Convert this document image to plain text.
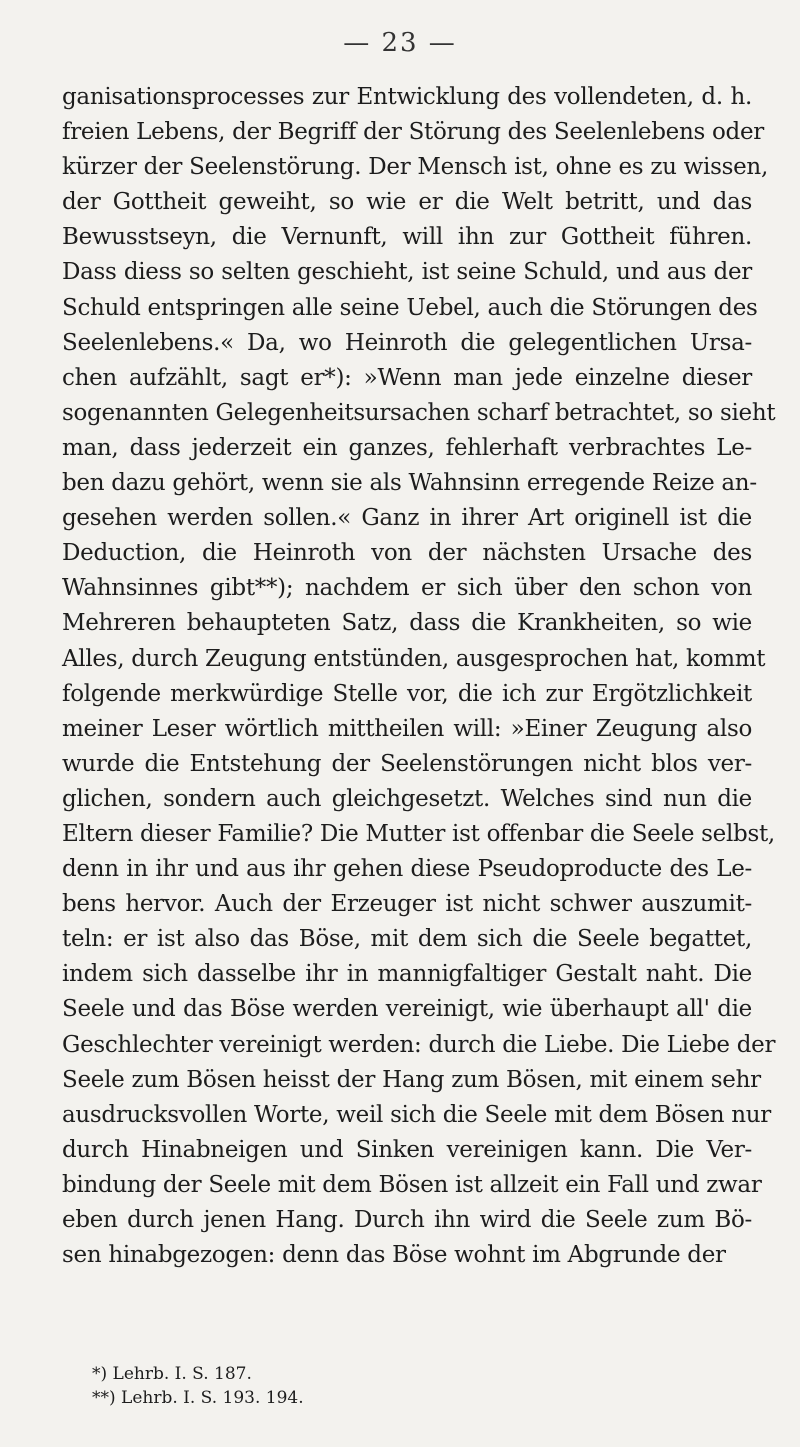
— 23 —
ganisationsprocesses zur Entwicklung des vollendeten, d. h.
freien Lebens, der Begriff der Störung des Seelenlebens oder
kürzer der Seelenstörung. Der Mensch ist, ohne es zu wissen,
der Gottheit geweiht, so wie er die Welt betritt, und das
Bewusstseyn, die Vernunft, will ihn zur Gottheit führen.
Dass diess so selten geschieht, ist seine Schuld, und aus der
Schuld entspringen alle seine Uebel, auch die Störungen des
Seelenlebens.« Da, wo Heinroth die gelegentlichen Ursa-
chen aufzählt, sagt er*): »Wenn man jede einzelne dieser
sogenannten Gelegenheitsursachen scharf betrachtet, so sieht
man, dass jederzeit ein ganzes, fehlerhaft verbrachtes Le-
ben dazu gehört, wenn sie als Wahnsinn erregende Reize an-
gesehen werden sollen.« Ganz in ihrer Art originell ist die
Deduction, die Heinroth von der nächsten Ursache des
Wahnsinnes gibt**); nachdem er sich über den schon von
Mehreren behaupteten Satz, dass die Krankheiten, so wie
Alles, durch Zeugung entstünden, ausgesprochen hat, kommt
folgende merkwürdige Stelle vor, die ich zur Ergötzlichkeit
meiner Leser wörtlich mittheilen will: »Einer Zeugung also
wurde die Entstehung der Seelenstörungen nicht blos ver-
glichen, sondern auch gleichgesetzt. Welches sind nun die
Eltern dieser Familie? Die Mutter ist offenbar die Seele selbst,
denn in ihr und aus ihr gehen diese Pseudoproducte des Le-
bens hervor. Auch der Erzeuger ist nicht schwer auszumit-
teln: er ist also das Böse, mit dem sich die Seele begattet,
indem sich dasselbe ihr in mannigfaltiger Gestalt naht. Die
Seele und das Böse werden vereinigt, wie überhaupt all' die
Geschlechter vereinigt werden: durch die Liebe. Die Liebe der
Seele zum Bösen heisst der Hang zum Bösen, mit einem sehr
ausdrucksvollen Worte, weil sich die Seele mit dem Bösen nur
durch Hinabneigen und Sinken vereinigen kann. Die Ver-
bindung der Seele mit dem Bösen ist allzeit ein Fall und zwar
eben durch jenen Hang. Durch ihn wird die Seele zum Bö-
sen hinabgezogen: denn das Böse wohnt im Abgrunde der
*) Lehrb. I. S. 187.
**) Lehrb. I. S. 193. 194.
